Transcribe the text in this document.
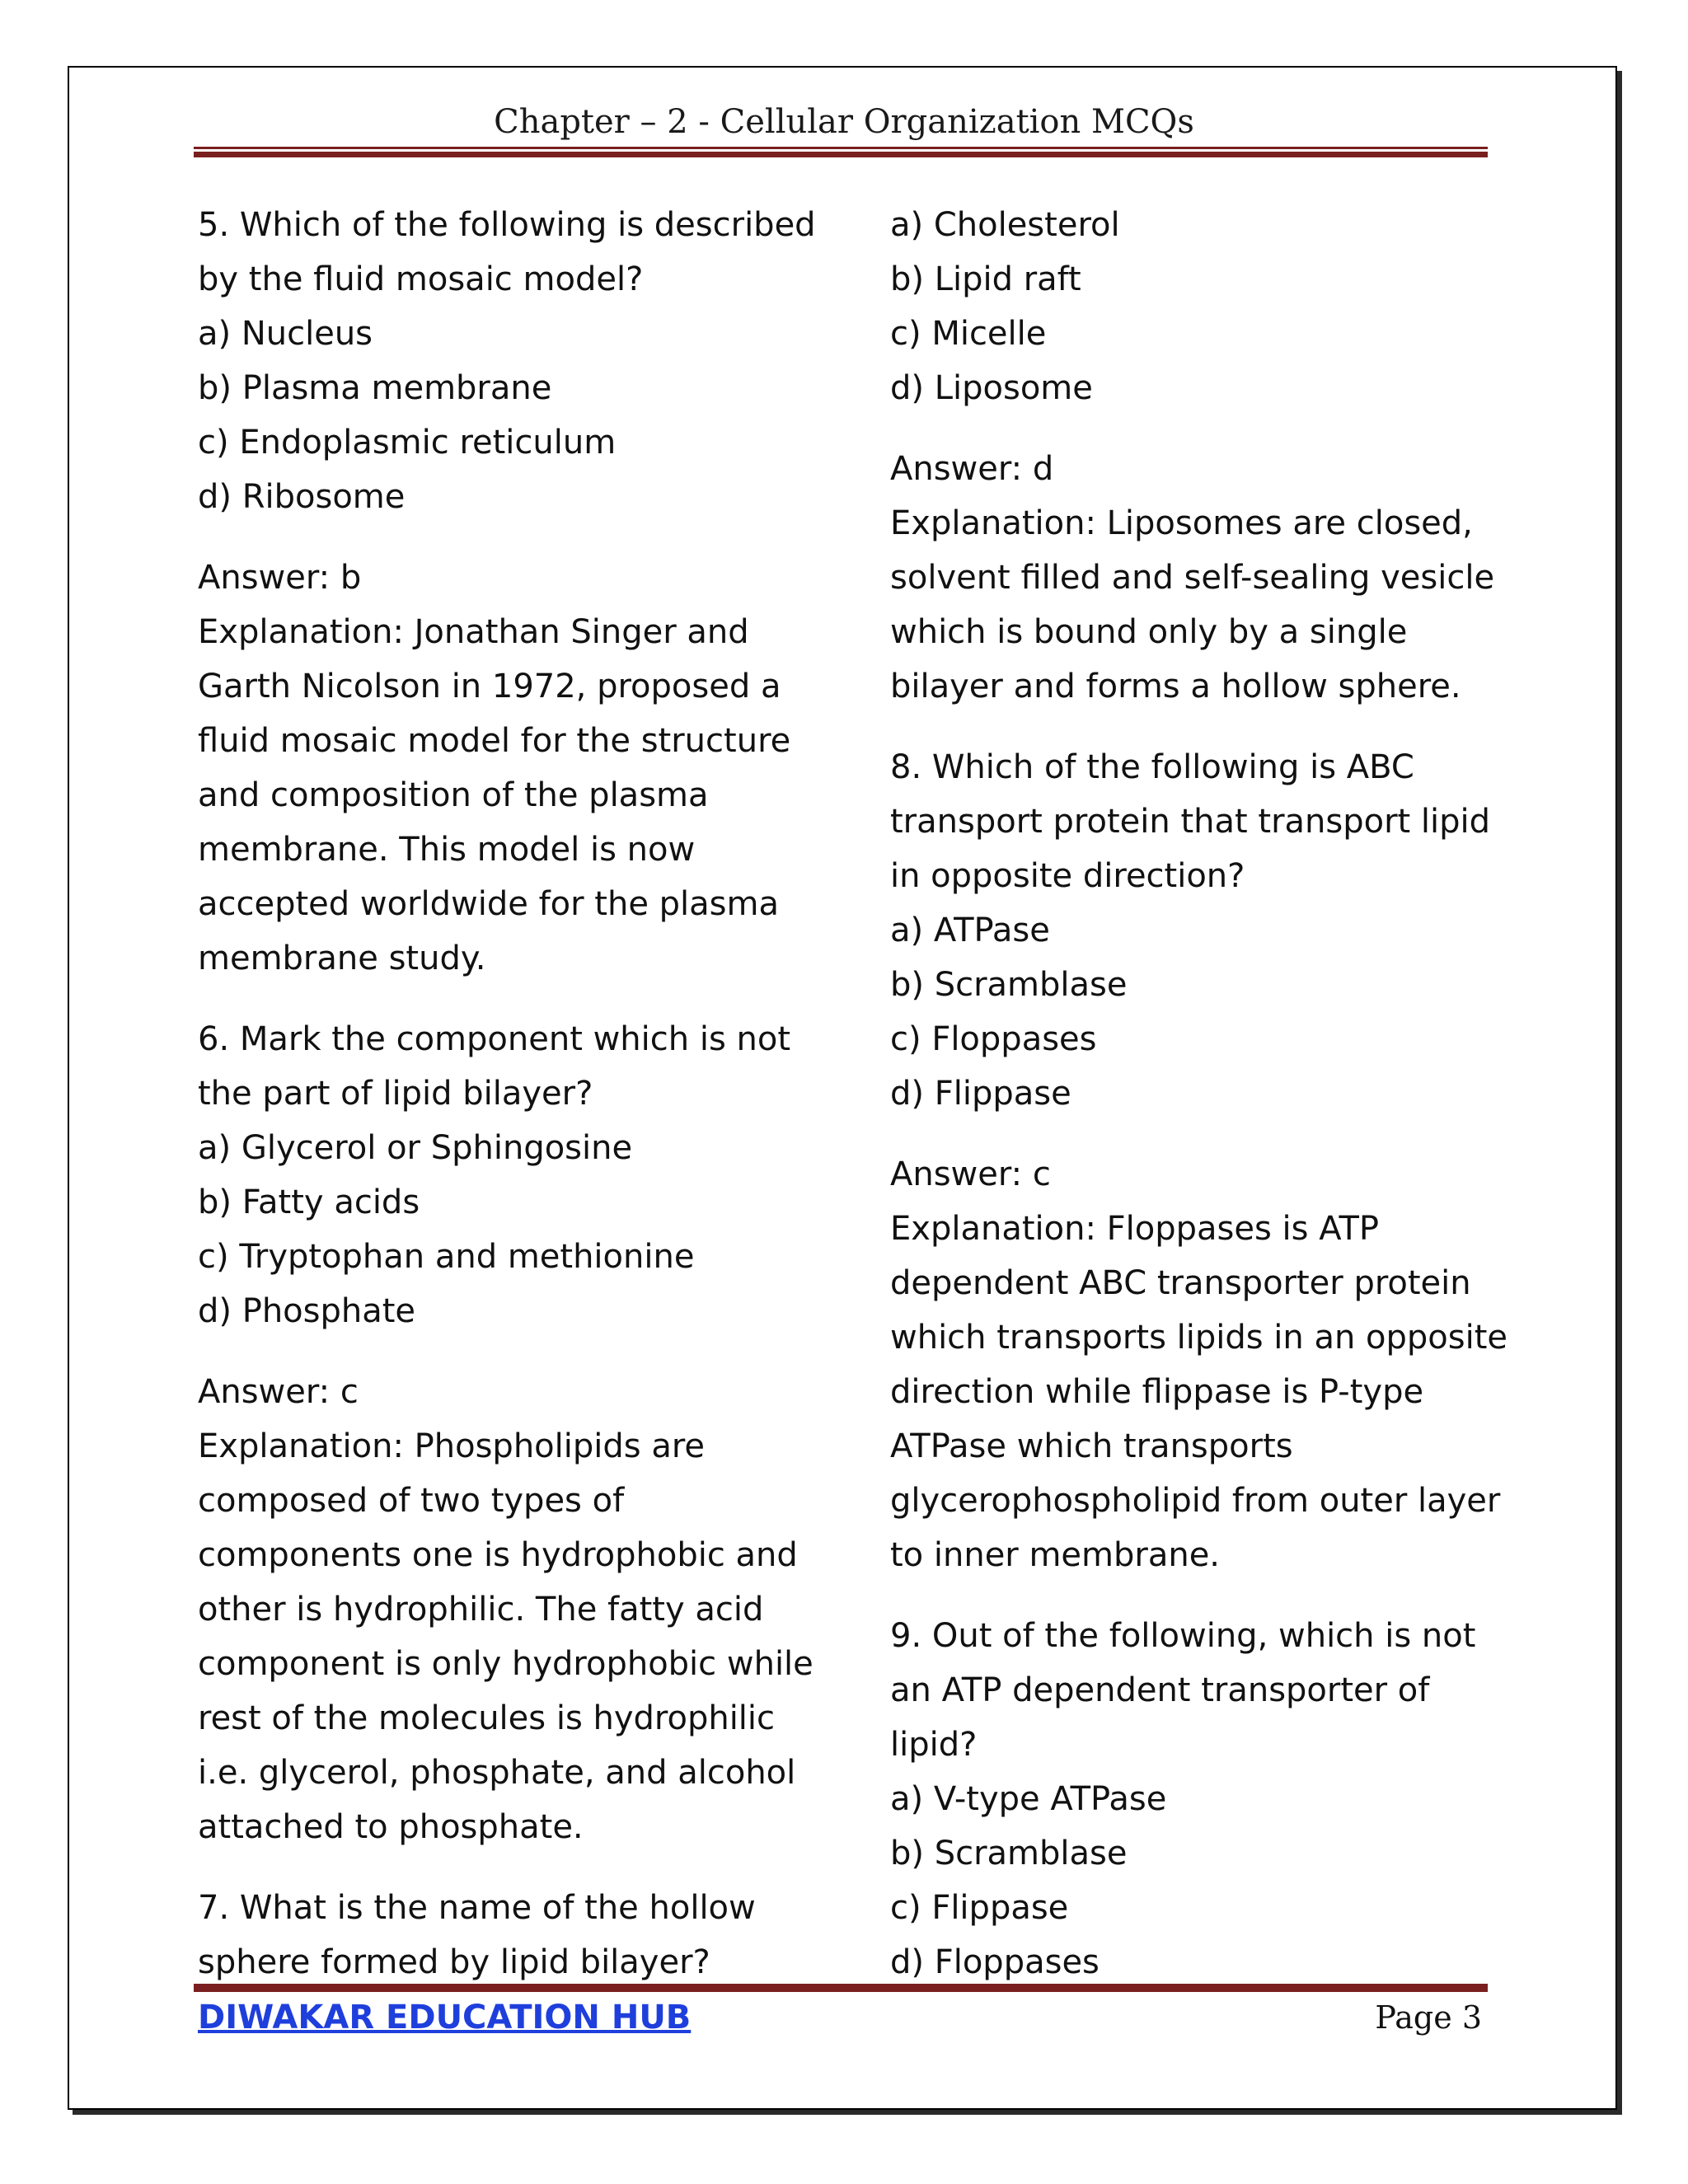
Chapter – 2 - Cellular Organization MCQs
5. Which of the following is described
by the fluid mosaic model?
a) Nucleus
b) Plasma membrane
c) Endoplasmic reticulum
d) Ribosome
Answer: b
Explanation: Jonathan Singer and
Garth Nicolson in 1972, proposed a
fluid mosaic model for the structure
and composition of the plasma
membrane. This model is now
accepted worldwide for the plasma
membrane study.
6. Mark the component which is not
the part of lipid bilayer?
a) Glycerol or Sphingosine
b) Fatty acids
c) Tryptophan and methionine
d) Phosphate
Answer: c
Explanation: Phospholipids are
composed of two types of
components one is hydrophobic and
other is hydrophilic. The fatty acid
component is only hydrophobic while
rest of the molecules is hydrophilic
i.e. glycerol, phosphate, and alcohol
attached to phosphate.
7. What is the name of the hollow
sphere formed by lipid bilayer?
a) Cholesterol
b) Lipid raft
c) Micelle
d) Liposome
Answer: d
Explanation: Liposomes are closed,
solvent filled and self-sealing vesicle
which is bound only by a single
bilayer and forms a hollow sphere.
8. Which of the following is ABC
transport protein that transport lipid
in opposite direction?
a) ATPase
b) Scramblase
c) Floppases
d) Flippase
Answer: c
Explanation: Floppases is ATP
dependent ABC transporter protein
which transports lipids in an opposite
direction while flippase is P-type
ATPase which transports
glycerophospholipid from outer layer
to inner membrane.
9. Out of the following, which is not
an ATP dependent transporter of
lipid?
a) V-type ATPase
b) Scramblase
c) Flippase
d) Floppases
DIWAKAR EDUCATION HUB	Page 3
